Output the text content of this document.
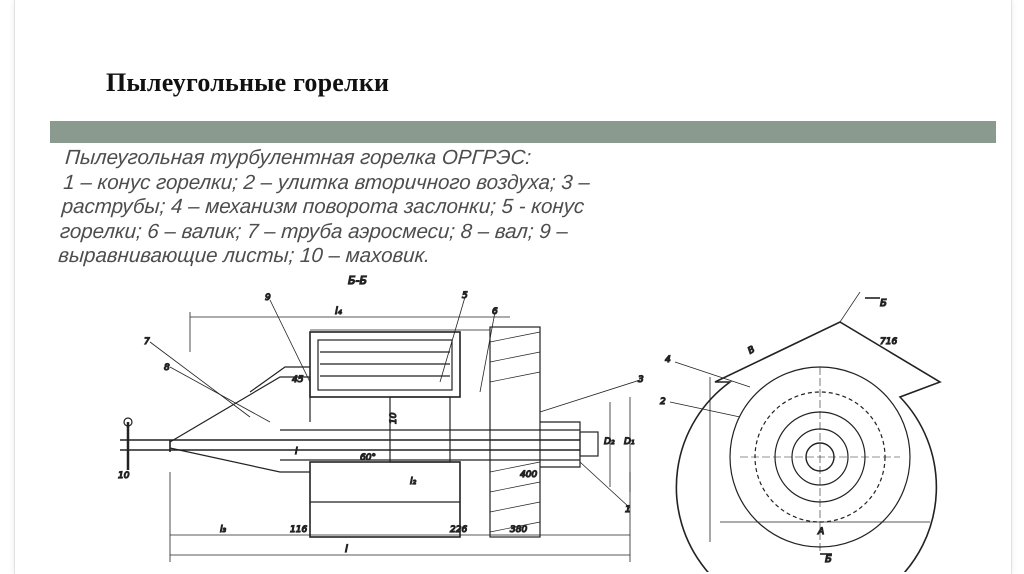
Пылеугольные горелки
Пылеугольная турбулентная горелка ОРГРЭС:
1 – конус горелки; 2 – улитка вторичного воздуха; 3 –
раструбы; 4 – механизм поворота заслонки; 5 - конус
горелки; 6 – валик; 7 – труба аэросмеси; 8 – вал; 9 –
выравнивающие листы; 10 – маховик.
Б-Б
l₄
10
9	5
6
7
8
3
1
10
45
60°
l
D₂ D₁
l₃	116	226	380
400
l₂
l
Б
Б
716
4
2
A
B
